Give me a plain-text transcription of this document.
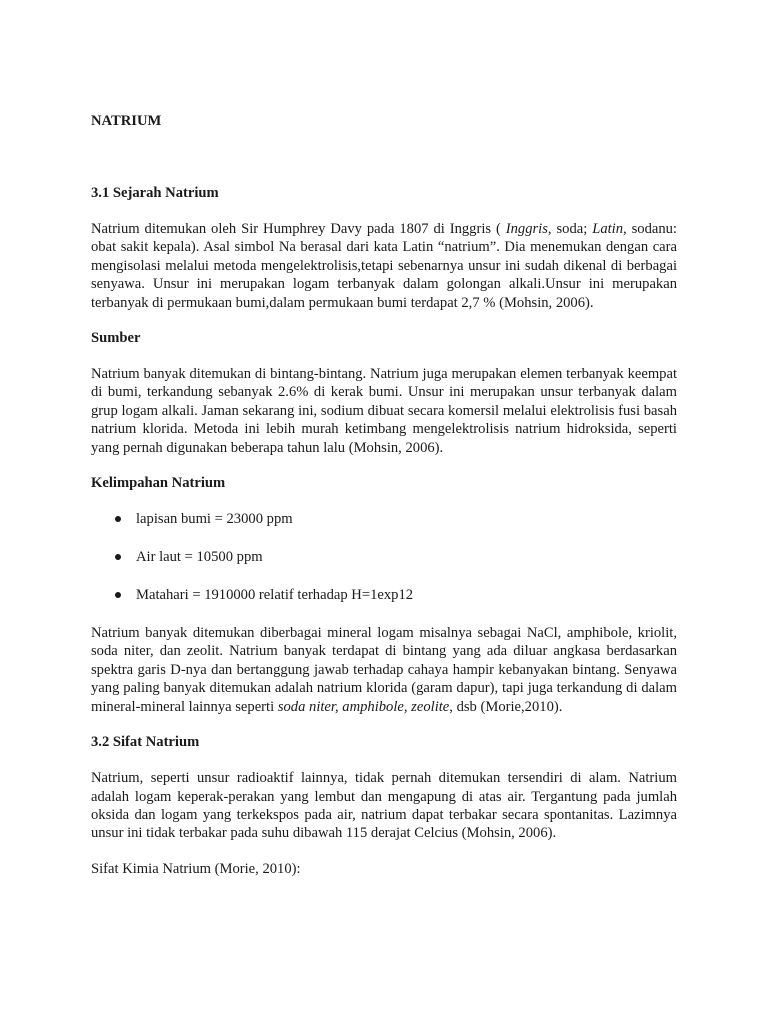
NATRIUM
3.1 Sejarah Natrium

Natrium ditemukan oleh Sir Humphrey Davy pada 1807 di Inggris ( Inggris, soda; Latin, sodanu: obat sakit kepala). Asal simbol Na berasal dari kata Latin “natrium”. Dia menemukan dengan cara mengisolasi melalui metoda mengelektrolisis,tetapi sebenarnya unsur ini sudah dikenal di berbagai senyawa. Unsur ini merupakan logam terbanyak dalam golongan alkali.Unsur ini merupakan terbanyak di permukaan bumi,dalam permukaan bumi terdapat 2,7 % (Mohsin, 2006).

Sumber

Natrium banyak ditemukan di bintang-bintang. Natrium juga merupakan elemen terbanyak keempat di bumi, terkandung sebanyak 2.6% di kerak bumi. Unsur ini merupakan unsur terbanyak dalam grup logam alkali. Jaman sekarang ini, sodium dibuat secara komersil melalui elektrolisis fusi basah natrium klorida. Metoda ini lebih murah ketimbang mengelektrolisis natrium hidroksida, seperti yang pernah digunakan beberapa tahun lalu (Mohsin, 2006).

Kelimpahan Natrium
lapisan bumi = 23000 ppm
Air laut = 10500 ppm
Matahari = 1910000 relatif terhadap H=1exp12

Natrium banyak ditemukan diberbagai mineral logam misalnya sebagai NaCl, amphibole, kriolit, soda niter, dan zeolit. Natrium banyak terdapat di bintang yang ada diluar angkasa berdasarkan spektra garis D-nya dan bertanggung jawab terhadap cahaya hampir kebanyakan bintang. Senyawa yang paling banyak ditemukan adalah natrium klorida (garam dapur), tapi juga terkandung di dalam mineral-mineral lainnya seperti soda niter, amphibole, zeolite, dsb (Morie,2010).

3.2 Sifat Natrium

Natrium, seperti unsur radioaktif lainnya, tidak pernah ditemukan tersendiri di alam. Natrium adalah logam keperak-perakan yang lembut dan mengapung di atas air. Tergantung pada jumlah oksida dan logam yang terkekspos pada air, natrium dapat terbakar secara spontanitas. Lazimnya unsur ini tidak terbakar pada suhu dibawah 115 derajat Celcius (Mohsin, 2006).

Sifat Kimia Natrium (Morie, 2010):
